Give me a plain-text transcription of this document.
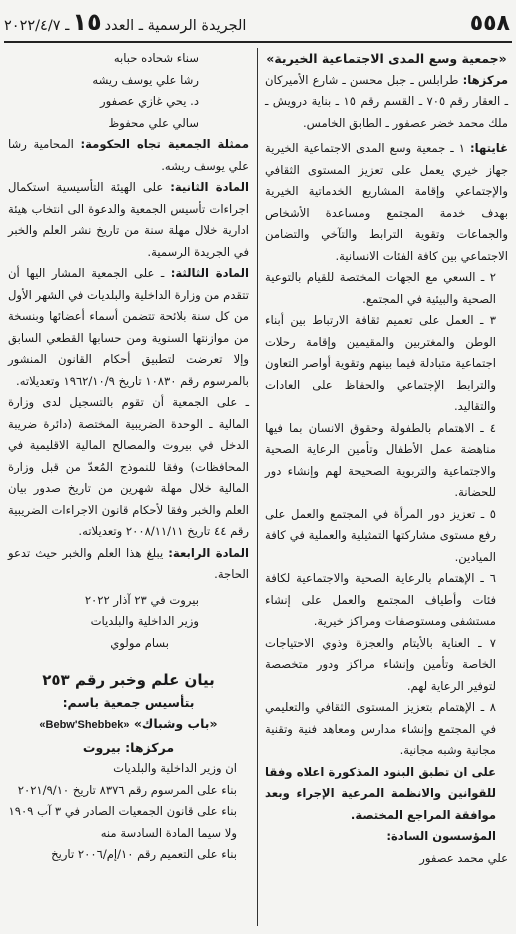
٥٥٨
الجريدة الرسمية ـ العدد
١٥
ـ ٢٠٢٢/٤/٧

«جمعية وسع المدى الاجتماعية الخيرية»

مركزها: طرابلس ـ جبل محسن ـ شارع الأميركان ـ العقار رقم ٧٠٥ ـ القسم رقم ١٥ ـ بناية درويش ـ ملك محمد خضر عصفور ـ الطابق الخامس.

غايتها: ١ ـ جمعية وسع المدى الاجتماعية الخيرية جهاز خيري يعمل على تعزيز المستوى الثقافي والإجتماعي وإقامة المشاريع الخدماتية الخيرية بهدف خدمة المجتمع ومساعدة الأشخاص والجماعات وتقوية الترابط والتآخي والتضامن الاجتماعي بين كافة الفئات الانسانية.

٢ ـ السعي مع الجهات المختصة للقيام بالتوعية الصحية والبيئية في المجتمع.

٣ ـ العمل على تعميم ثقافة الارتباط بين أبناء الوطن والمغتربين والمقيمين وإقامة رحلات اجتماعية متبادلة فيما بينهم وتقوية أواصر التعاون والترابط الإجتماعي والحفاظ على العادات والتقاليد.

٤ ـ الاهتمام بالطفولة وحقوق الانسان بما فيها مناهضة عمل الأطفال وتأمين الرعاية الصحية والاجتماعية والتربوية الصحيحة لهم وإنشاء دور للحضانة.

٥ ـ تعزيز دور المرأة في المجتمع والعمل على رفع مستوى مشاركتها التمثيلية والعملية في كافة الميادين.

٦ ـ الإهتمام بالرعاية الصحية والاجتماعية لكافة فئات وأطياف المجتمع والعمل على إنشاء مستشفى ومستوصفات ومراكز خيرية.

٧ ـ العناية بالأيتام والعجزة وذوي الاحتياجات الخاصة وتأمين وإنشاء مراكز ودور متخصصة لتوفير الرعاية لهم.

٨ ـ الإهتمام بتعزيز المستوى الثقافي والتعليمي في المجتمع وإنشاء مدارس ومعاهد فنية وتقنية مجانية وشبه مجانية.

على ان تطبق البنود المذكورة اعلاه وفقا للقوانين والانظمة المرعية الإجراء وبعد موافقة المراجع المختصة.

المؤسسون السادة:

علي محمد عصفور

سناء شحاده حبابه

رشا علي يوسف ريشه

د. يحي غازي عصفور

سالي علي محفوظ

ممثلة الجمعية تجاه الحكومة: المحامية رشا علي يوسف ريشه.

المادة الثانية: على الهيئة التأسيسية استكمال اجراءات تأسيس الجمعية والدعوة الى انتخاب هيئة ادارية خلال مهلة سنة من تاريخ نشر العلم والخبر في الجريدة الرسمية.

المادة الثالثة: ـ على الجمعية المشار اليها أن تتقدم من وزارة الداخلية والبلديات في الشهر الأول من كل سنة بلائحة تتضمن أسماء أعضائها وبنسخة من موازنتها السنوية ومن حسابها القطعي السابق وإلا تعرضت لتطبيق أحكام القانون المنشور بالمرسوم رقم ١٠٨٣٠ تاريخ ١٩٦٢/١٠/٩ وتعديلاته.

ـ على الجمعية أن تقوم بالتسجيل لدى وزارة المالية ـ الوحدة الضريبية المختصة (دائرة ضريبة الدخل في بيروت والمصالح المالية الاقليمية في المحافظات) وفقا للنموذج المُعدّ من قبل وزارة المالية خلال مهلة شهرين من تاريخ صدور بيان العلم والخبر وفقا لأحكام قانون الاجراءات الضريبية رقم ٤٤ تاريخ ٢٠٠٨/١١/١١ وتعديلاته.

المادة الرابعة: يبلغ هذا العلم والخبر حيث تدعو الحاجة.

بيروت في ٢٣ آذار ٢٠٢٢

وزير الداخلية والبلديات

بسام مولوي

بيان علم وخبر رقم ٢٥٣

بتأسيس جمعية باسم:

«باب وشباك» «Bebw'Shebbek»

مركزها: بيروت

ان وزير الداخلية والبلديات

بناء على المرسوم رقم ٨٣٧٦ تاريخ ٢٠٢١/٩/١٠

بناء على قانون الجمعيات الصادر في ٣ آب ١٩٠٩

ولا سيما المادة السادسة منه

بناء على التعميم رقم ١٠/إم/٢٠٠٦ تاريخ
